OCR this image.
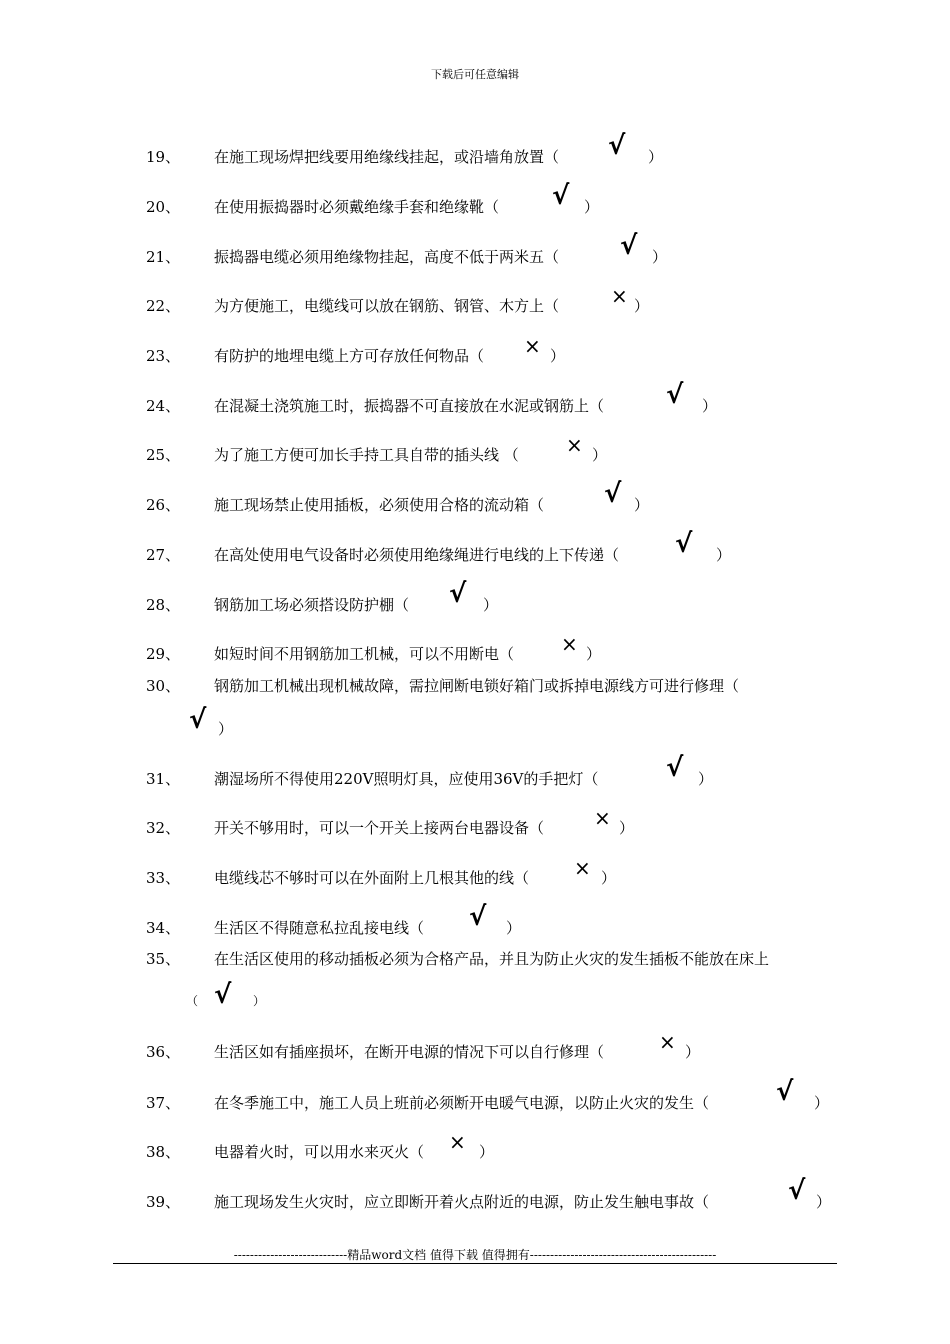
下载后可任意编辑
19、 在施工现场焊把线要用绝缘线挂起，或沿墙角放置（ √ ）
20、 在使用振捣器时必须戴绝缘手套和绝缘靴（ √ ）
21、 振捣器电缆必须用绝缘物挂起，高度不低于两米五（ √ ）
22、 为方便施工，电缆线可以放在钢筋、钢管、木方上（	× ）
23、 有防护的地埋电缆上方可存放任何物品（ × ）
24、 在混凝土浇筑施工时，振捣器不可直接放在水泥或钢筋上（ √ ）
25、 为了施工方便可加长手持工具自带的插头线 （ × ）
26、 施工现场禁止使用插板，必须使用合格的流动箱（ √ ）
27、 在高处使用电气设备时必须使用绝缘绳进行电线的上下传递（ √ ）
28、 钢筋加工场必须搭设防护棚（ √ ）
29、 如短时间不用钢筋加工机械，可以不用断电（ × ）
30、 钢筋加工机械出现机械故障，需拉闸断电锁好箱门或拆掉电源线方可进行修理（
√ ）
31、 潮湿场所不得使用220V照明灯具，应使用36V的手把灯（	√ ）
32、 开关不够用时，可以一个开关上接两台电器设备（ × ）
33、 电缆线芯不够时可以在外面附上几根其他的线（ × ）
34、 生活区不得随意私拉乱接电线（ √ ）
35、 在生活区使用的移动插板必须为合格产品，并且为防止火灾的发生插板不能放在床上
（ √ ）
36、 生活区如有插座损坏，在断开电源的情况下可以自行修理（	× ）
37、 在冬季施工中，施工人员上班前必须断开电暖气电源，以防止火灾的发生（	√ ）
38、 电器着火时，可以用水来灭火（ × ）
39、 施工现场发生火灾时，应立即断开着火点附近的电源，防止发生触电事故（	√ ）
----------------------------精品word文档 值得下载 值得拥有----------------------------------------------
